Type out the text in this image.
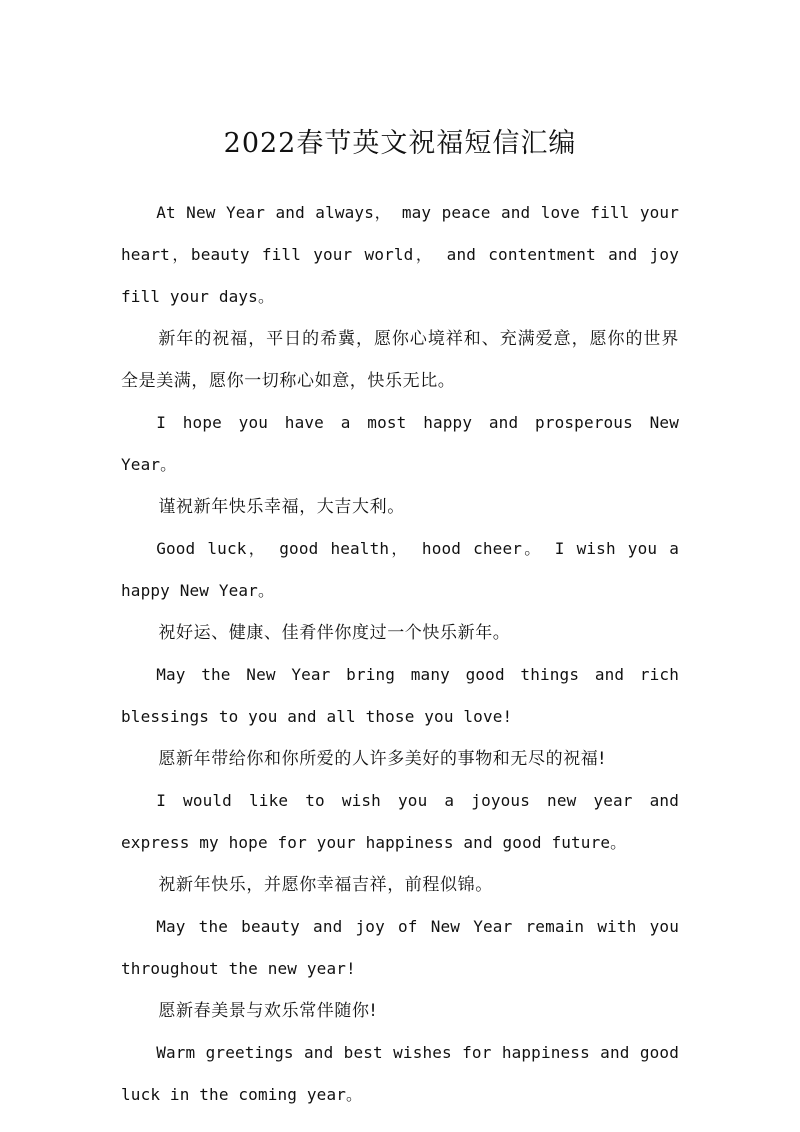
2022春节英文祝福短信汇编

At New Year and always， may peace and love fill your heart，beauty fill your world， and contentment and joy fill your days。

新年的祝福，平日的希冀，愿你心境祥和、充满爱意，愿你的世界全是美满，愿你一切称心如意，快乐无比。

I hope you have a most happy and prosperous New Year。

谨祝新年快乐幸福，大吉大利。

Good luck， good health， hood cheer。 I wish you a happy New Year。

祝好运、健康、佳肴伴你度过一个快乐新年。

May the New Year bring many good things and rich blessings to you and all those you love!

愿新年带给你和你所爱的人许多美好的事物和无尽的祝福!

I would like to wish you a joyous new year and express my hope for your happiness and good future。

祝新年快乐，并愿你幸福吉祥，前程似锦。

May the beauty and joy of New Year remain with you throughout the new year!

愿新春美景与欢乐常伴随你!

Warm greetings and best wishes for happiness and good luck in the coming year。
